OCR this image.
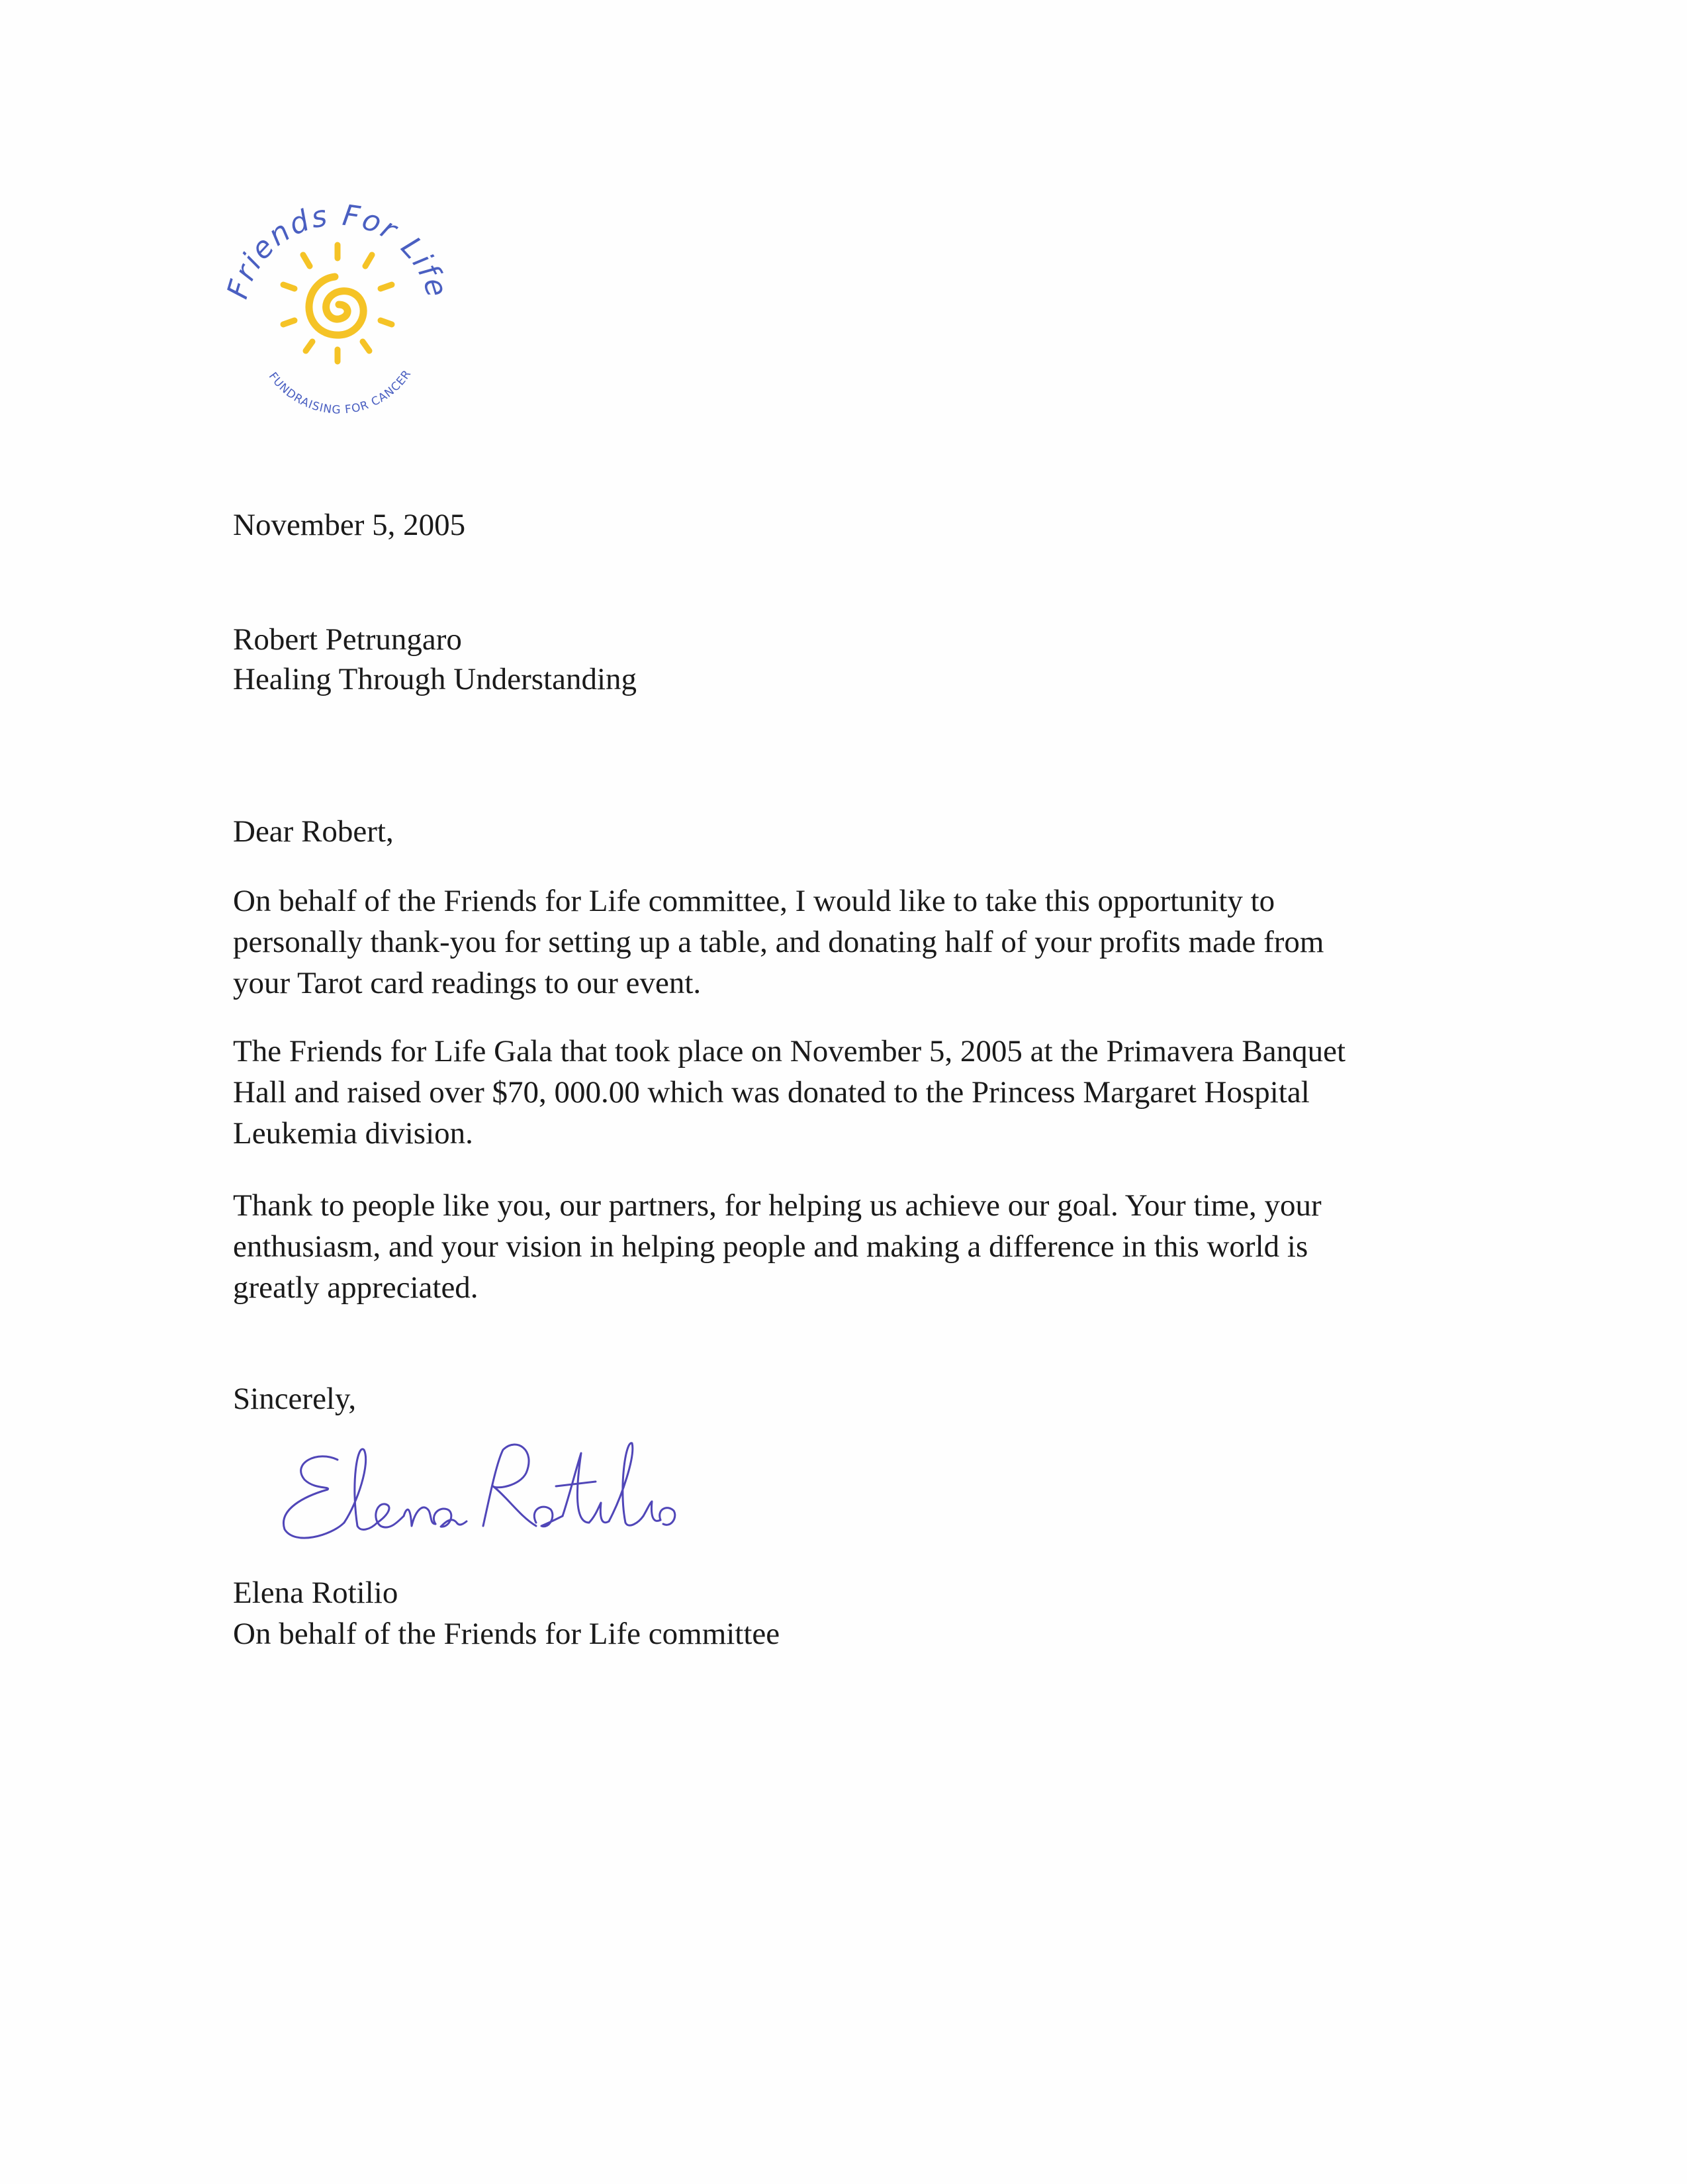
Friends For Life
FUNDRAISING FOR CANCER
November 5, 2005
Robert Petrungaro
Healing Through Understanding
Dear Robert,
On behalf of the Friends for Life committee, I would like to take this opportunity to
personally thank-you for setting up a table, and donating half of your profits made from
your Tarot card readings to our event.
The Friends for Life Gala that took place on November 5, 2005 at the Primavera Banquet
Hall and raised over $70, 000.00 which was donated to the Princess Margaret Hospital
Leukemia division.
Thank to people like you, our partners, for helping us achieve our goal. Your time, your
enthusiasm, and your vision in helping people and making a difference in this world is
greatly appreciated.
Sincerely,
Elena Rotilio
Elena Rotilio
On behalf of the Friends for Life committee
